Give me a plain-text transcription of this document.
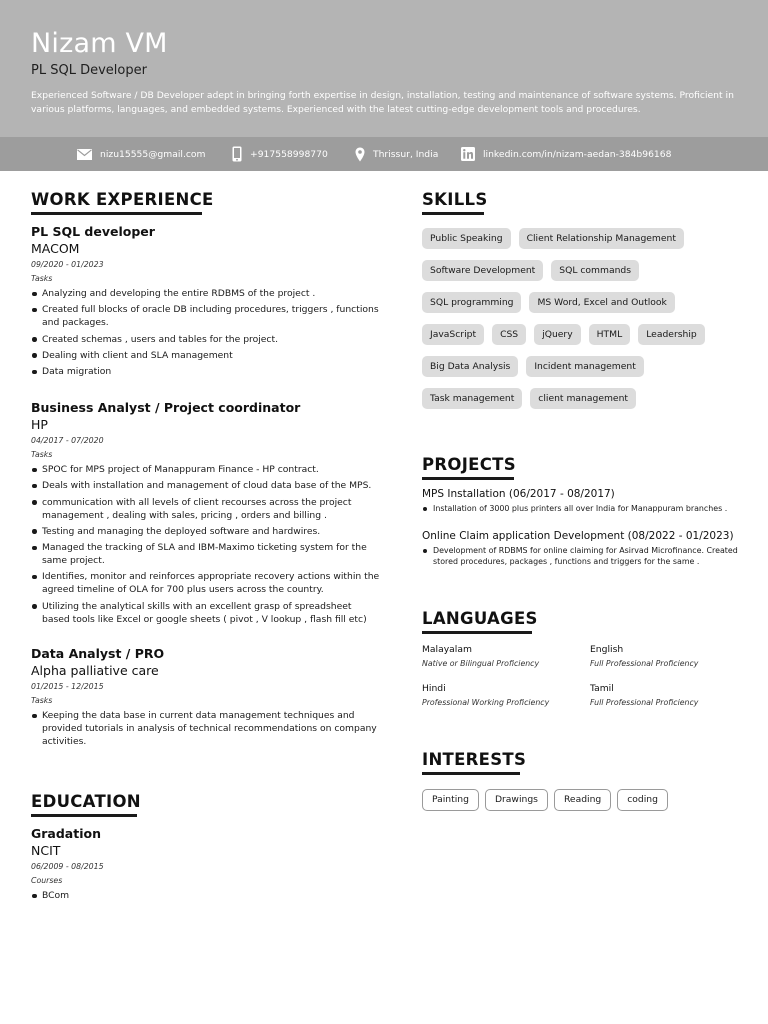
Nizam VM
PL SQL Developer
Experienced Software / DB Developer adept in bringing forth expertise in design, installation, testing and maintenance of software systems. Proficient in various platforms, languages, and embedded systems. Experienced with the latest cutting-edge development tools and procedures.
nizu15555@gmail.com	+917558998770	Thrissur, India	linkedin.com/in/nizam-aedan-384b96168
WORK EXPERIENCE
PL SQL developer
MACOM
09/2020 - 01/2023
Tasks
Analyzing and developing the entire RDBMS of the project .
Created full blocks of oracle DB including procedures, triggers , functions and packages.
Created schemas , users and tables for the project.
Dealing with client and SLA management
Data migration
Business Analyst / Project coordinator
HP
04/2017 - 07/2020
Tasks
SPOC for MPS project of Manappuram Finance - HP contract.
Deals with installation and management of cloud data base of the MPS.
communication with all levels of client recourses across the project management , dealing with sales, pricing , orders and billing .
Testing and managing the deployed software and hardwires.
Managed the tracking of SLA and IBM-Maximo ticketing system for the same project.
Identifies, monitor and reinforces appropriate recovery actions within the agreed timeline of OLA for 700 plus users across the country.
Utilizing the analytical skills with an excellent grasp of spreadsheet based tools like Excel or google sheets ( pivot , V lookup , flash fill etc)
Data Analyst / PRO
Alpha palliative care
01/2015 - 12/2015
Tasks
Keeping the data base in current data management techniques and provided tutorials in analysis of technical recommendations on company activities.
EDUCATION
Gradation
NCIT
06/2009 - 08/2015
Courses
BCom
SKILLS
Public Speaking	Client Relationship Management
Software Development	SQL commands
SQL programming	MS Word, Excel and Outlook
JavaScript	CSS	jQuery	HTML	Leadership
Big Data Analysis	Incident management
Task management	client management
PROJECTS
MPS Installation (06/2017 - 08/2017)
Installation of 3000 plus printers all over India for Manappuram branches .
Online Claim application Development (08/2022 - 01/2023)
Development of RDBMS for online claiming for Asirvad Microfinance. Created stored procedures, packages , functions and triggers for the same .
LANGUAGES
Malayalam
Native or Bilingual Proficiency
English
Full Professional Proficiency
Hindi
Professional Working Proficiency
Tamil
Full Professional Proficiency
INTERESTS
Painting	Drawings	Reading	coding
